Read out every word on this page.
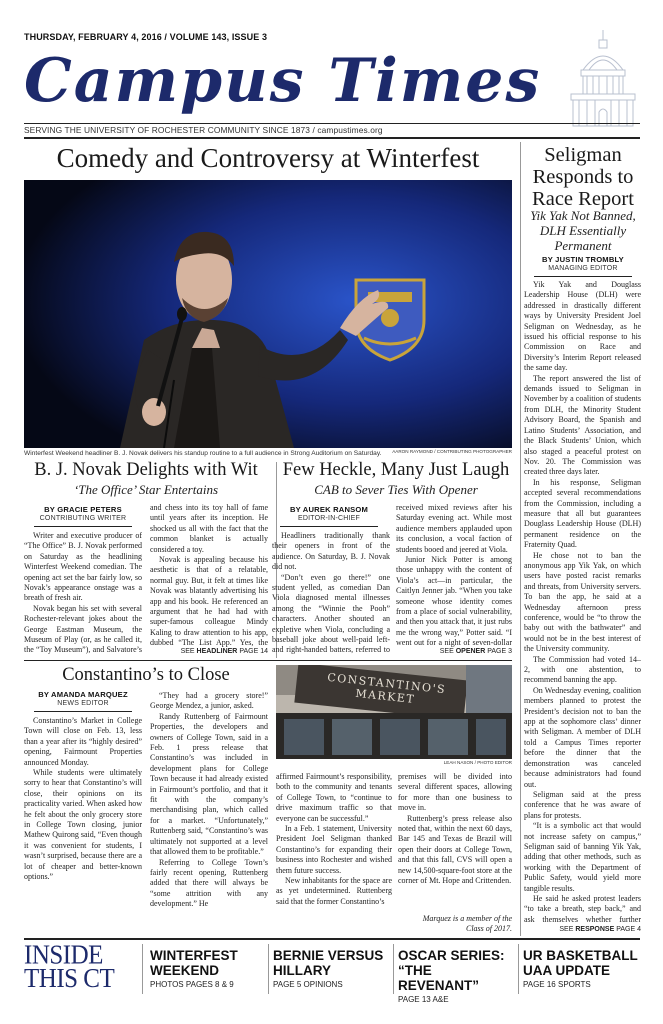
THURSDAY, FEBRUARY 4, 2016 / VOLUME 143, ISSUE 3
Campus Times
SERVING THE UNIVERSITY OF ROCHESTER COMMUNITY SINCE 1873 / campustimes.org
Comedy and Controversy at Winterfest
AARON RAYMOND / CONTRIBUTING PHOTOGRAPHER
Winterfest Weekend headliner B. J. Novak delivers his standup routine to a full audience in Strong Auditorium on Saturday.
B. J. Novak Delights with Wit
‘The Office’ Star Entertains
BY GRACIE PETERS
CONTRIBUTING WRITER

Writer and executive producer of “The Office” B. J. Novak performed on Saturday as the headlining Winterfest Weekend comedian. The opening act set the bar fairly low, so Novak’s appearance onstage was a breath of fresh air.

Novak began his set with several Rochester-relevant jokes about the George Eastman Museum, the Museum of Play (or, as he called it, the “Toy Museum”), and Salvatore’s

and chess into its toy hall of fame until years after its inception. He shocked us all with the fact that the common blanket is actually considered a toy.

Novak is appealing because his aesthetic is that of a relatable, normal guy. But, it felt at times like Novak was blatantly advertising his app and his book. He referenced an argument that he had had with super-famous colleague Mindy Kaling to draw attention to his app, dubbed “The List App.” Yes, the

SEE HEADLINER PAGE 14
Few Heckle, Many Just Laugh
CAB to Sever Ties With Opener
BY AUREK RANSOM
EDITOR-IN-CHIEF

Headliners traditionally thank their openers in front of the audience. On Saturday, B. J. Novak did not.

“Don’t even go there!” one student yelled, as comedian Dan Viola diagnosed mental illnesses among the “Winnie the Pooh” characters. Another shouted an expletive when Viola, concluding a baseball joke about well-paid left- and right-handed batters, referred to

received mixed reviews after his Saturday evening act. While most audience members applauded upon its conclusion, a vocal faction of students booed and jeered at Viola.

Junior Nick Potter is among those unhappy with the content of Viola’s act—in particular, the Caitlyn Jenner jab. “When you take someone whose identity comes from a place of social vulnerability, and then you attack that, it just rubs me the wrong way,” Potter said. “I went out for a night of seven-dollar

SEE OPENER PAGE 3
Constantino’s to Close
BY AMANDA MARQUEZ
NEWS EDITOR

Constantino’s Market in College Town will close on Feb. 13, less than a year after its “highly desired” opening, Fairmount Properties announced Monday.

While students were ultimately sorry to hear that Constantino’s will close, their opinions on its practicality varied. When asked how he felt about the only grocery store in College Town closing, junior Mathew Quirong said, “Even though it was convenient for students, I wasn’t surprised, because there are a lot of cheaper and better-known options.”

“They had a grocery store!” George Mendez, a junior, asked.

Randy Ruttenberg of Fairmount Properties, the developers and owners of College Town, said in a Feb. 1 press release that Constantino’s was included in development plans for College Town because it had already existed in Fairmount’s portfolio, and that it fit with the company’s merchandising plan, which called for a market. “Unfortunately,” Ruttenberg said, “Constantino’s was ultimately not supported at a level that allowed them to be profitable.”

Referring to College Town’s fairly recent opening, Ruttenberg added that there will always be “some attrition with any development.” He

CONSTANTINO'S MARKET
LEAH NASON / PHOTO EDITOR

affirmed Fairmount’s responsibility, both to the community and tenants of College Town, to “continue to drive maximum traffic so that everyone can be successful.”

In a Feb. 1 statement, University President Joel Seligman thanked Constantino’s for expanding their business into Rochester and wished them future success.

New inhabitants for the space are as yet undetermined. Ruttenberg said that the former Constantino’s

premises will be divided into several different spaces, allowing for more than one business to move in.

Ruttenberg’s press release also noted that, within the next 60 days, Bar 145 and Texas de Brazil will open their doors at College Town, and that this fall, CVS will open a new 14,500-square-foot store at the corner of Mt. Hope and Crittenden.

Marquez is a member of the Class of 2017.
Seligman Responds to Race Report
Yik Yak Not Banned, DLH Essentially Permanent
BY JUSTIN TROMBLY
MANAGING EDITOR

Yik Yak and Douglass Leadership House (DLH) were addressed in drastically different ways by University President Joel Seligman on Wednesday, as he issued his official response to his Commission on Race and Diversity’s Interim Report released the same day.

The report answered the list of demands issued to Seligman in November by a coalition of students from DLH, the Minority Student Advisory Board, the Spanish and Latino Students’ Association, and the Black Students’ Union, which also staged a peaceful protest on Nov. 20. The Commission was created three days later.

In his response, Seligman accepted several recommendations from the Commission, including a measure that all but guarantees Douglass Leadership House (DLH) permanent residence on the Fraternity Quad.

He chose not to ban the anonymous app Yik Yak, on which users have posted racist remarks and threats, from University servers. To ban the app, he said at a Wednesday afternoon press conference, would be “to throw the baby out with the bathwater” and would not be in the best interest of the University community.

The Commission had voted 14–2, with one abstention, to recommend banning the app.

On Wednesday evening, coalition members planned to protest the President’s decision not to ban the app at the sophomore class’ dinner with Seligman. A member of DLH told a Campus Times reporter before the dinner that the demonstration was canceled because administrators had found out.

Seligman said at the press conference that he was aware of plans for protests.

“It is a symbolic act that would not increase safety on campus,” Seligman said of banning Yik Yak, adding that other methods, such as working with the Department of Public Safety, would yield more tangible results.

He said he asked protest leaders “to take a breath, step back,” and ask themselves whether further

SEE RESPONSE PAGE 4
INSIDE
THIS CT
WINTERFEST
WEEKEND
PHOTOS PAGES 8 & 9
BERNIE VERSUS
HILLARY
PAGE 5 OPINIONS
OSCAR SERIES:
“THE REVENANT”
PAGE 13 A&E
UR BASKETBALL
UAA UPDATE
PAGE 16 SPORTS
